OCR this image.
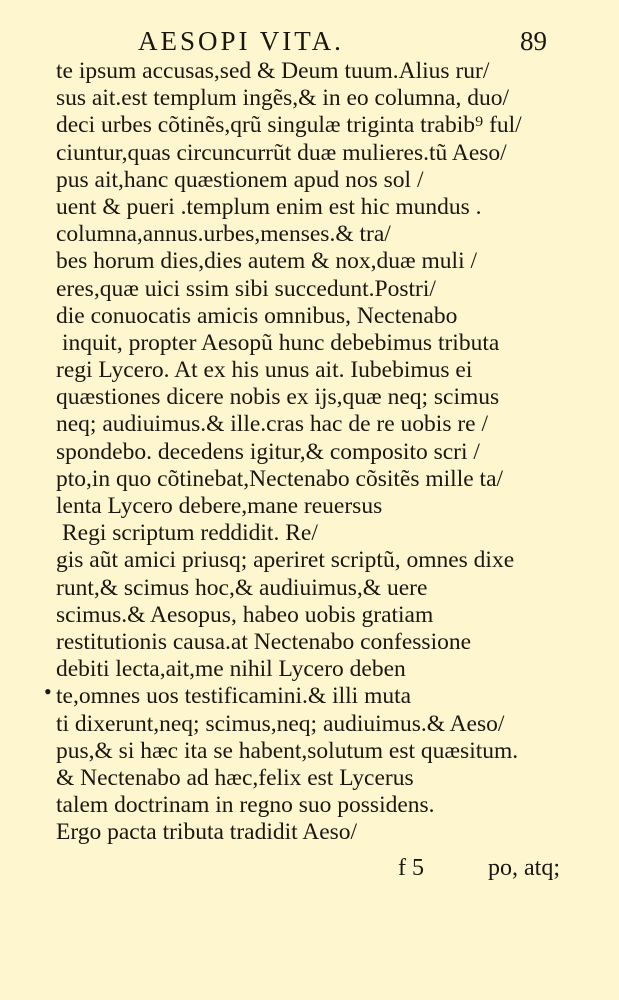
AESOPI VITA.	89
•
te ipsum accusas,sed & Deum tuum.Alius rur/
sus ait.est templum ingẽs,& in eo columna, duo/
deci urbes cõtinẽs,qrũ singulæ triginta trabib⁹ ful/
ciuntur,quas circuncurrũt duæ mulieres.tũ Aeso/
pus ait,hanc quæstionem apud nos sol /
uent & pueri .templum enim est hic mundus .
columna,annus.urbes,menses.& tra/
bes horum dies,dies autem & nox,duæ muli /
eres,quæ uici ssim sibi succedunt.Postri/
die conuocatis amicis omnibus, Nectenabo
inquit, propter Aesopũ hunc debebimus tributa
regi Lycero. At ex his unus ait. Iubebimus ei
quæstiones dicere nobis ex ijs,quæ neq; scimus
neq; audiuimus.& ille.cras hac de re uobis re /
spondebo. decedens igitur,& composito scri /
pto,in quo cõtinebat,Nectenabo cõsitẽs mille ta/
lenta Lycero debere,mane reuersus
Regi scriptum reddidit. Re/
gis aũt amici priusq; aperiret scriptũ, omnes dixe
runt,& scimus hoc,& audiuimus,& uere
scimus.& Aesopus, habeo uobis gratiam
restitutionis causa.at Nectenabo confessione
debiti lecta,ait,me nihil Lycero deben
te,omnes uos testificamini.& illi muta
ti dixerunt,neq; scimus,neq; audiuimus.& Aeso/
pus,& si hæc ita se habent,solutum est quæsitum.
& Nectenabo ad hæc,felix est Lycerus
talem doctrinam in regno suo possidens.
Ergo pacta tributa tradidit Aeso/
f 5	po, atq;
